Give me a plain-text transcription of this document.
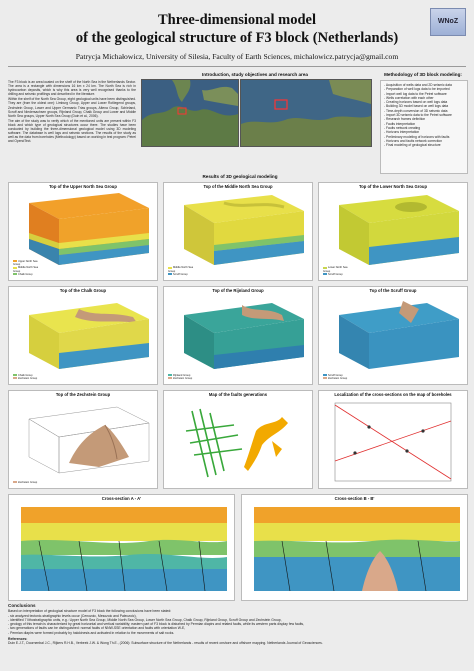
WNoZ
Three-dimensional model
of the geological structure of F3 block (Netherlands)
Patrycja Michałowicz, University of Silesia, Faculty of Earth Sciences, michalowicz.patrycja@gmail.com
Introduction, study objectives and research area
The F3 block is an area located on the shelf of the North Sea in the Netherlands Sector. The area is a rectangle with dimensions 16 km x 24 km. The North Sea is rich in hydrocarbon deposits, which is why this area is very well recognised thanks to the drilling and seismic profilings and described in the literature.
Within the shelf of the North Sea Group, eight geological units have been distinguished. They are (from the oldest one): Limburg Group, Upper and Lower Rotliegend groups, Zechstein Group, Lower and Upper Germanic Trias groups, Altena Group, Schieland, Scruff and Niedersachsen groups, Rijnland Group, Chalk Group and Lower and Middle North Sea groups, Upper North Sea Group (Duin et al., 2006).
The aim of the study was to verify which of the mentioned units are present within F3 block and which type of geological structures occur there. The studies have been conducted by building the three-dimensional geological model using 3D modeling software. The database is well logs and seismic sections. The results of the study as well as the data from boreholes (Methodology) based on working in test program: Petrel and OpendTect.
Methodology of 3D block modeling:
- Acquisition of wells data and 2D seismic data
- Preparation of well logs data to be imported
- Import well log data to the Petrel software
- Wells correlation with each other
- Creating horizons based on well logs data
- Building 3D model based on well logs data
- Time-depth conversion of 3D seismic data
- Import 3D seismic data to the Petrel software
- Research frames definition
- Faults interpretation
- Faults network creating
- Horizons interpretation
- Preliminary modeling of horizons with faults
- Horizons and faults network correction
- Final modeling of geological structure
Results of 3D geological modeling
Top of the Upper North Sea Group
Upper North Sea Group
Middle North Sea Group
Chalk Group
Top of the Middle North Sea Group
Middle North Sea Group
Scruff Group
Top of the Lower North Sea Group
Lower North Sea Group
Scruff Group
Top of the Chalk Group
Chalk Group
Zechstein Group
Top of the Rijnland Group
Rijnland Group
Zechstein Group
Top of the Scruff Group
Scruff Group
Zechstein Group
Top of the Zechstein Group
Zechstein Group
Map of the faults generations	Localization of the cross-sections on the map of boreholes
Cross-section A - A'	Cross-section B - B'
Conclusions
Based on interpretation of geological structure model of F3 block the following conclusions have been stated:
- six analyzed tectonic-stratigraphic levels occur (Cenozoic, Mesozoic and Paleozoic),
- identified 7 lithostratigraphic units, e.g.: Upper North Sea Group, Middle North Sea Group, Lower North Sea Group, Chalk Group, Rijnland Group, Scruff Group and Zechstein Group,
- geology of this terrain is characterized by great horizontal and vertical variability; eastern part of F3 block is disturbed by Permian diapirs and related faults, while its western parts display few faults,
- two generations of faults can be distinguished: normal faults of NNW-SSE orientation and faults with orientation W-E,
- Permian diapirs were formed probably by halokinesis and activated in relation to the movements of salt rocks.
References:
Duin E.J.T., Doornenbal J.C., Rijkers R.H.B., Verbeek J.W. & Wong Th.E., (2006): Subsurface structure of the Netherlands - results of recent onshore and offshore mapping. Netherlands Journal of Geosciences.
